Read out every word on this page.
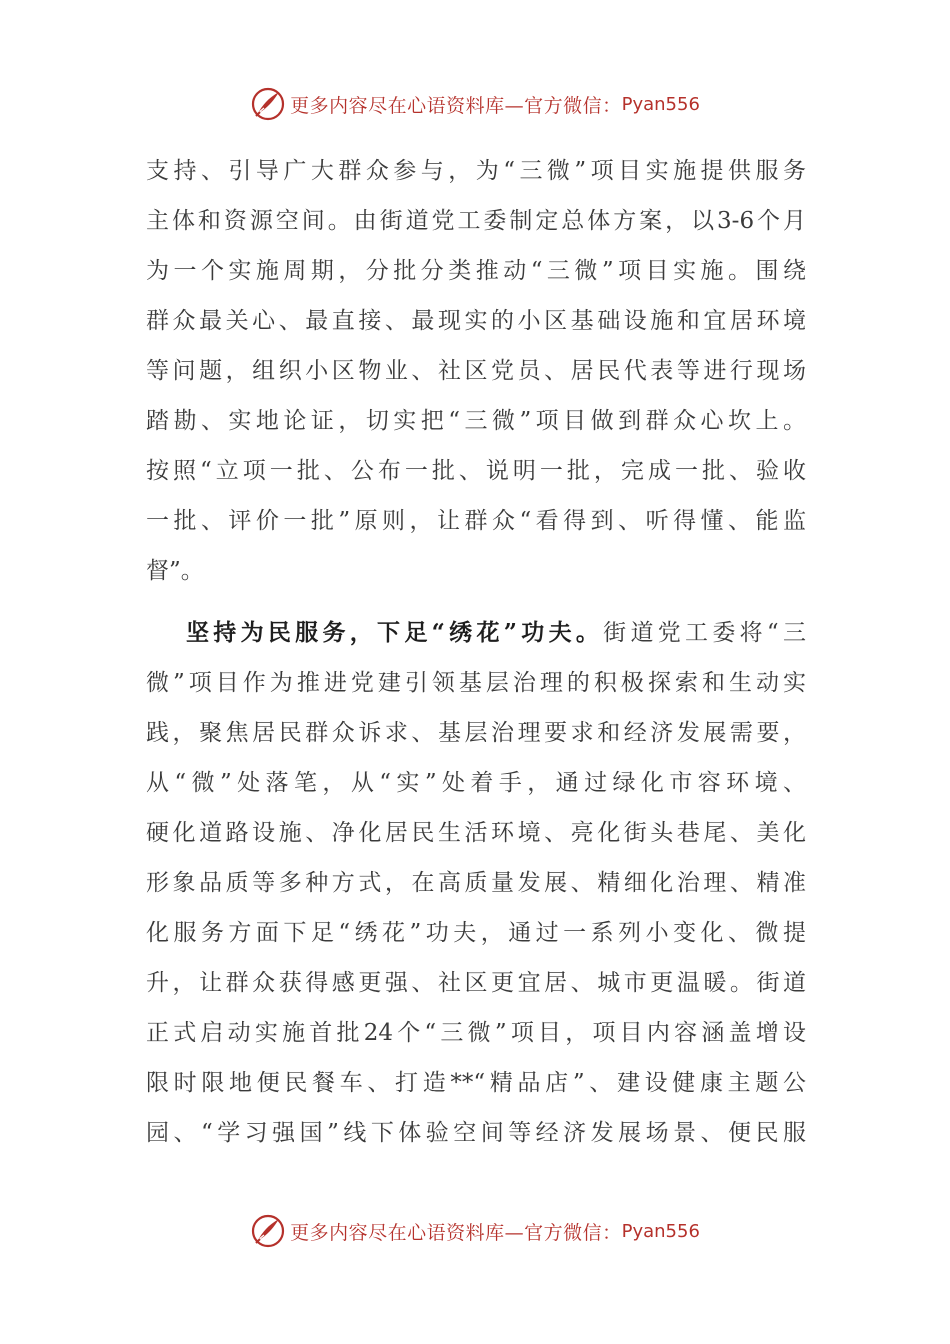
更多内容尽在心语资料库—官方微信： Pyan556
支持、引导广大群众参与，为“三微”项目实施提供服务
主体和资源空间。由街道党工委制定总体方案，以3-6个月
为一个实施周期，分批分类推动“三微”项目实施。围绕
群众最关心、最直接、最现实的小区基础设施和宜居环境
等问题，组织小区物业、社区党员、居民代表等进行现场
踏勘、实地论证，切实把“三微”项目做到群众心坎上。
按照“立项一批、公布一批、说明一批，完成一批、验收
一批、评价一批”原则，让群众“看得到、听得懂、能监
督”。
坚持为民服务，下足“绣花”功夫。街道党工委将“三
微”项目作为推进党建引领基层治理的积极探索和生动实
践，聚焦居民群众诉求、基层治理要求和经济发展需要，
从“微”处落笔，从“实”处着手，通过绿化市容环境、
硬化道路设施、净化居民生活环境、亮化街头巷尾、美化
形象品质等多种方式，在高质量发展、精细化治理、精准
化服务方面下足“绣花”功夫，通过一系列小变化、微提
升，让群众获得感更强、社区更宜居、城市更温暖。街道
正式启动实施首批24个“三微”项目，项目内容涵盖增设
限时限地便民餐车、打造**“精品店”、建设健康主题公
园、“学习强国”线下体验空间等经济发展场景、便民服
更多内容尽在心语资料库—官方微信： Pyan556
